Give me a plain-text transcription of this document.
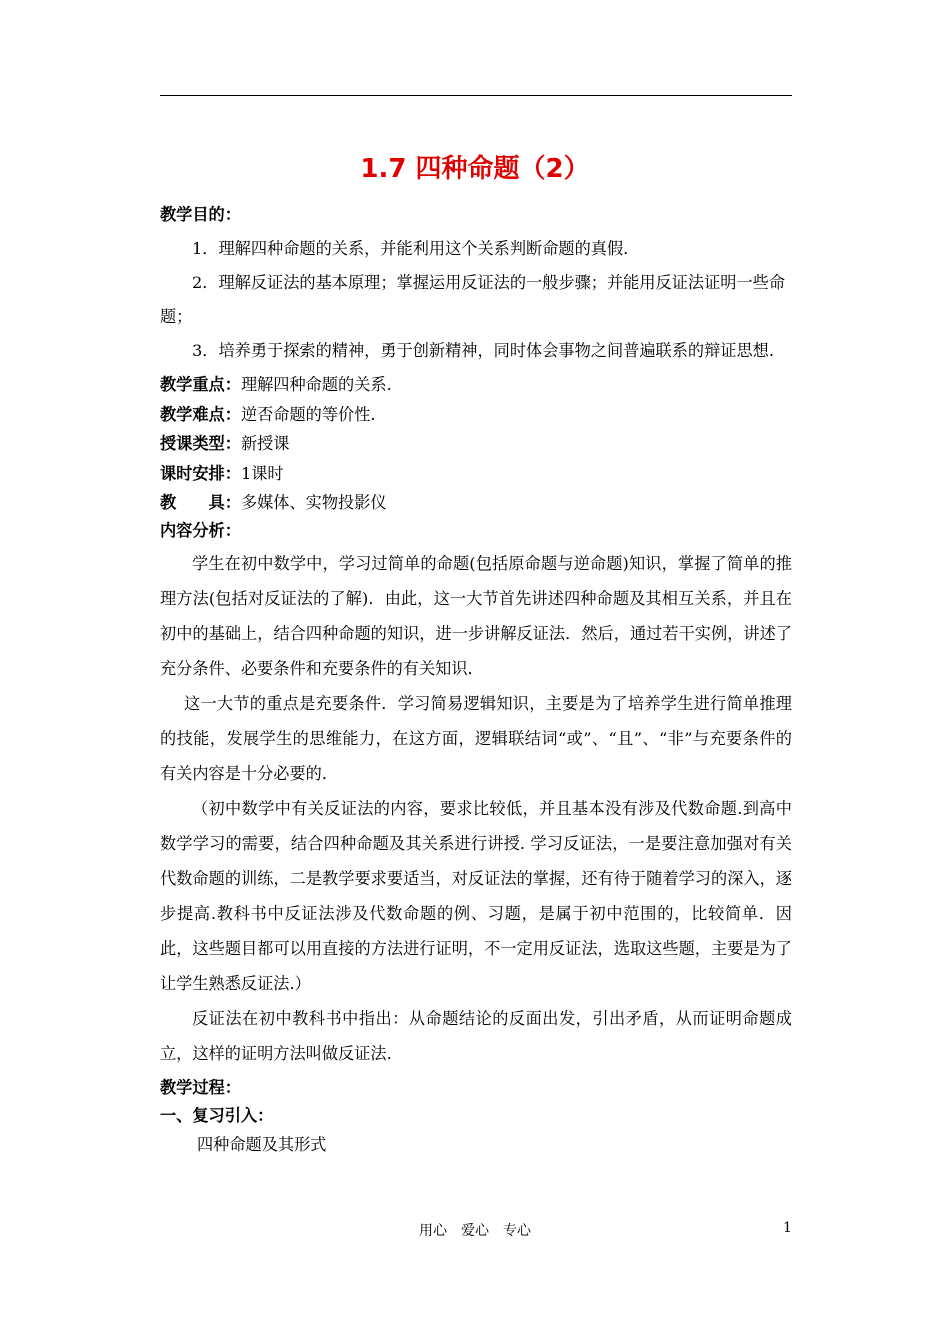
1.7 四种命题（2）

教学目的：

1．理解四种命题的关系，并能利用这个关系判断命题的真假.

2．理解反证法的基本原理；掌握运用反证法的一般步骤；并能用反证法证明一些命题；

3．培养勇于探索的精神，勇于创新精神，同时体会事物之间普遍联系的辩证思想.

教学重点：理解四种命题的关系.

教学难点：逆否命题的等价性.

授课类型：新授课

课时安排：1课时

教　　具：多媒体、实物投影仪

内容分析：

学生在初中数学中，学习过简单的命题(包括原命题与逆命题)知识，掌握了简单的推理方法(包括对反证法的了解)．由此，这一大节首先讲述四种命题及其相互关系，并且在初中的基础上，结合四种命题的知识，进一步讲解反证法．然后，通过若干实例，讲述了充分条件、必要条件和充要条件的有关知识．

这一大节的重点是充要条件．学习简易逻辑知识，主要是为了培养学生进行简单推理的技能，发展学生的思维能力，在这方面，逻辑联结词“或”、“且”、“非”与充要条件的有关内容是十分必要的．

（初中数学中有关反证法的内容，要求比较低，并且基本没有涉及代数命题.到高中数学学习的需要，结合四种命题及其关系进行讲授. 学习反证法，一是要注意加强对有关代数命题的训练，二是教学要求要适当，对反证法的掌握，还有待于随着学习的深入，逐步提高.教科书中反证法涉及代数命题的例、习题，是属于初中范围的，比较简单．因此，这些题目都可以用直接的方法进行证明，不一定用反证法，选取这些题，主要是为了让学生熟悉反证法.）

反证法在初中教科书中指出：从命题结论的反面出发，引出矛盾，从而证明命题成立，这样的证明方法叫做反证法.

教学过程：

一、复习引入：

四种命题及其形式

用心　爱心　专心	1
